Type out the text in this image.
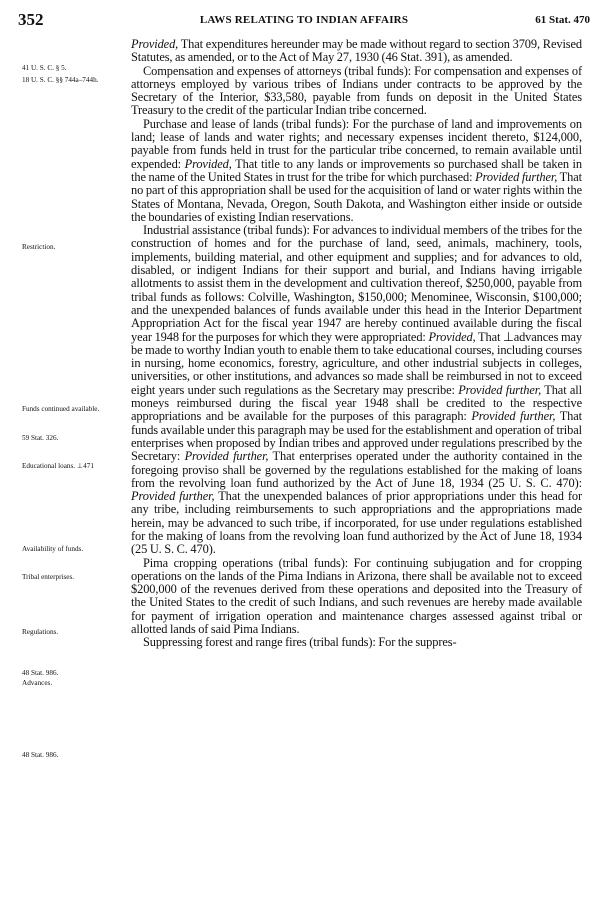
352	LAWS RELATING TO INDIAN AFFAIRS	61 Stat. 470
41 U. S. C. § 5.
18 U. S. C. §§ 744a–744h.
Restriction.
Funds continued available.
59 Stat. 326.
Educational loans. ⊥471
Availability of funds.
Tribal enterprises.
Regulations.
48 Stat. 986.
Advances.
48 Stat. 986.

Provided, That expenditures hereunder may be made without regard to section 3709, Revised Statutes, as amended, or to the Act of May 27, 1930 (46 Stat. 391), as amended.

Compensation and expenses of attorneys (tribal funds): For compensation and expenses of attorneys employed by various tribes of Indians under contracts to be approved by the Secretary of the Interior, $33,580, payable from funds on deposit in the United States Treasury to the credit of the particular Indian tribe concerned.

Purchase and lease of lands (tribal funds): For the purchase of land and improvements on land; lease of lands and water rights; and necessary expenses incident thereto, $124,000, payable from funds held in trust for the particular tribe concerned, to remain available until expended: Provided, That title to any lands or improvements so purchased shall be taken in the name of the United States in trust for the tribe for which purchased: Provided further, That no part of this appropriation shall be used for the acquisition of land or water rights within the States of Montana, Nevada, Oregon, South Dakota, and Washington either inside or outside the boundaries of existing Indian reservations.

Industrial assistance (tribal funds): For advances to individual members of the tribes for the construction of homes and for the purchase of land, seed, animals, machinery, tools, implements, building material, and other equipment and supplies; and for advances to old, disabled, or indigent Indians for their support and burial, and Indians having irrigable allotments to assist them in the development and cultivation thereof, $250,000, payable from tribal funds as follows: Colville, Washington, $150,000; Menominee, Wisconsin, $100,000; and the unexpended balances of funds available under this head in the Interior Department Appropriation Act for the fiscal year 1947 are hereby continued available during the fiscal year 1948 for the purposes for which they were appropriated: Provided, That ⊥advances may be made to worthy Indian youth to enable them to take educational courses, including courses in nursing, home economics, forestry, agriculture, and other industrial subjects in colleges, universities, or other institutions, and advances so made shall be reimbursed in not to exceed eight years under such regulations as the Secretary may prescribe: Provided further, That all moneys reimbursed during the fiscal year 1948 shall be credited to the respective appropriations and be available for the purposes of this paragraph: Provided further, That funds available under this paragraph may be used for the establishment and operation of tribal enterprises when proposed by Indian tribes and approved under regulations prescribed by the Secretary: Provided further, That enterprises operated under the authority contained in the foregoing proviso shall be governed by the regulations established for the making of loans from the revolving loan fund authorized by the Act of June 18, 1934 (25 U. S. C. 470): Provided further, That the unexpended balances of prior appropriations under this head for any tribe, including reimbursements to such appropriations and the appropriations made herein, may be advanced to such tribe, if incorporated, for use under regulations established for the making of loans from the revolving loan fund authorized by the Act of June 18, 1934 (25 U. S. C. 470).

Pima cropping operations (tribal funds): For continuing subjugation and for cropping operations on the lands of the Pima Indians in Arizona, there shall be available not to exceed $200,000 of the revenues derived from these operations and deposited into the Treasury of the United States to the credit of such Indians, and such revenues are hereby made available for payment of irrigation operation and maintenance charges assessed against tribal or allotted lands of said Pima Indians.

Suppressing forest and range fires (tribal funds): For the suppres-
